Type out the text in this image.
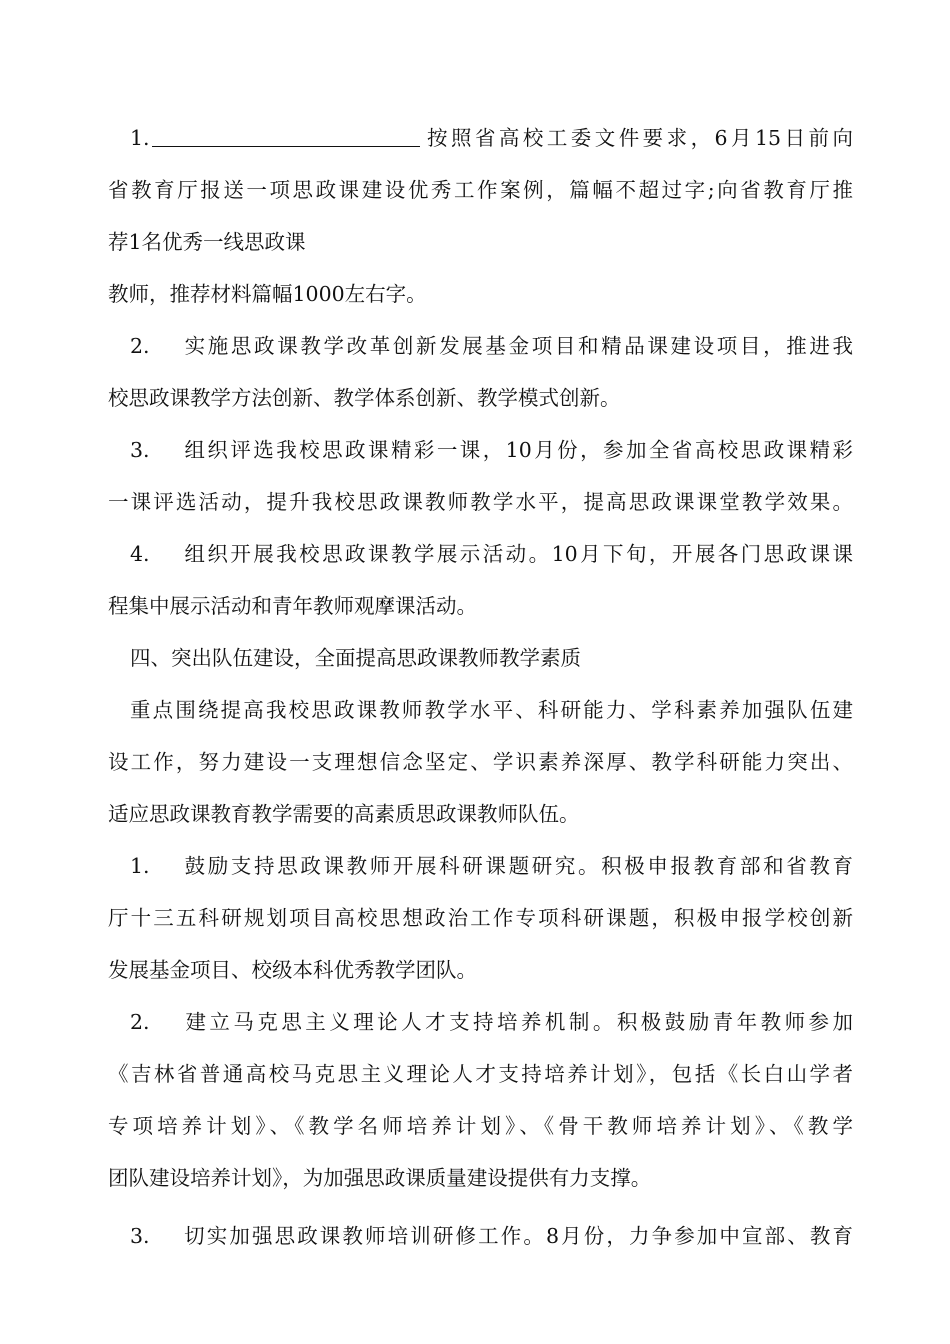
1.	按照省高校工委文件要求，6月15日前向
省教育厅报送一项思政课建设优秀工作案例，篇幅不超过字;向省教育厅推
荐1名优秀一线思政课
教师，推荐材料篇幅1000左右字。
2. 实施思政课教学改革创新发展基金项目和精品课建设项目，推进我
校思政课教学方法创新、教学体系创新、教学模式创新。
3. 组织评选我校思政课精彩一课，10月份，参加全省高校思政课精彩
一课评选活动，提升我校思政课教师教学水平，提高思政课课堂教学效果。
4. 组织开展我校思政课教学展示活动。10月下旬，开展各门思政课课
程集中展示活动和青年教师观摩课活动。
四、突出队伍建设，全面提高思政课教师教学素质
重点围绕提高我校思政课教师教学水平、科研能力、学科素养加强队伍建
设工作，努力建设一支理想信念坚定、学识素养深厚、教学科研能力突出、
适应思政课教育教学需要的高素质思政课教师队伍。
1. 鼓励支持思政课教师开展科研课题研究。积极申报教育部和省教育
厅十三五科研规划项目高校思想政治工作专项科研课题，积极申报学校创新
发展基金项目、校级本科优秀教学团队。
2. 建立马克思主义理论人才支持培养机制。积极鼓励青年教师参加
《吉林省普通高校马克思主义理论人才支持培养计划》，包括《长白山学者
专项培养计划》、《教学名师培养计划》、《骨干教师培养计划》、《教学
团队建设培养计划》，为加强思政课质量建设提供有力支撑。
3. 切实加强思政课教师培训研修工作。8月份，力争参加中宣部、教育
